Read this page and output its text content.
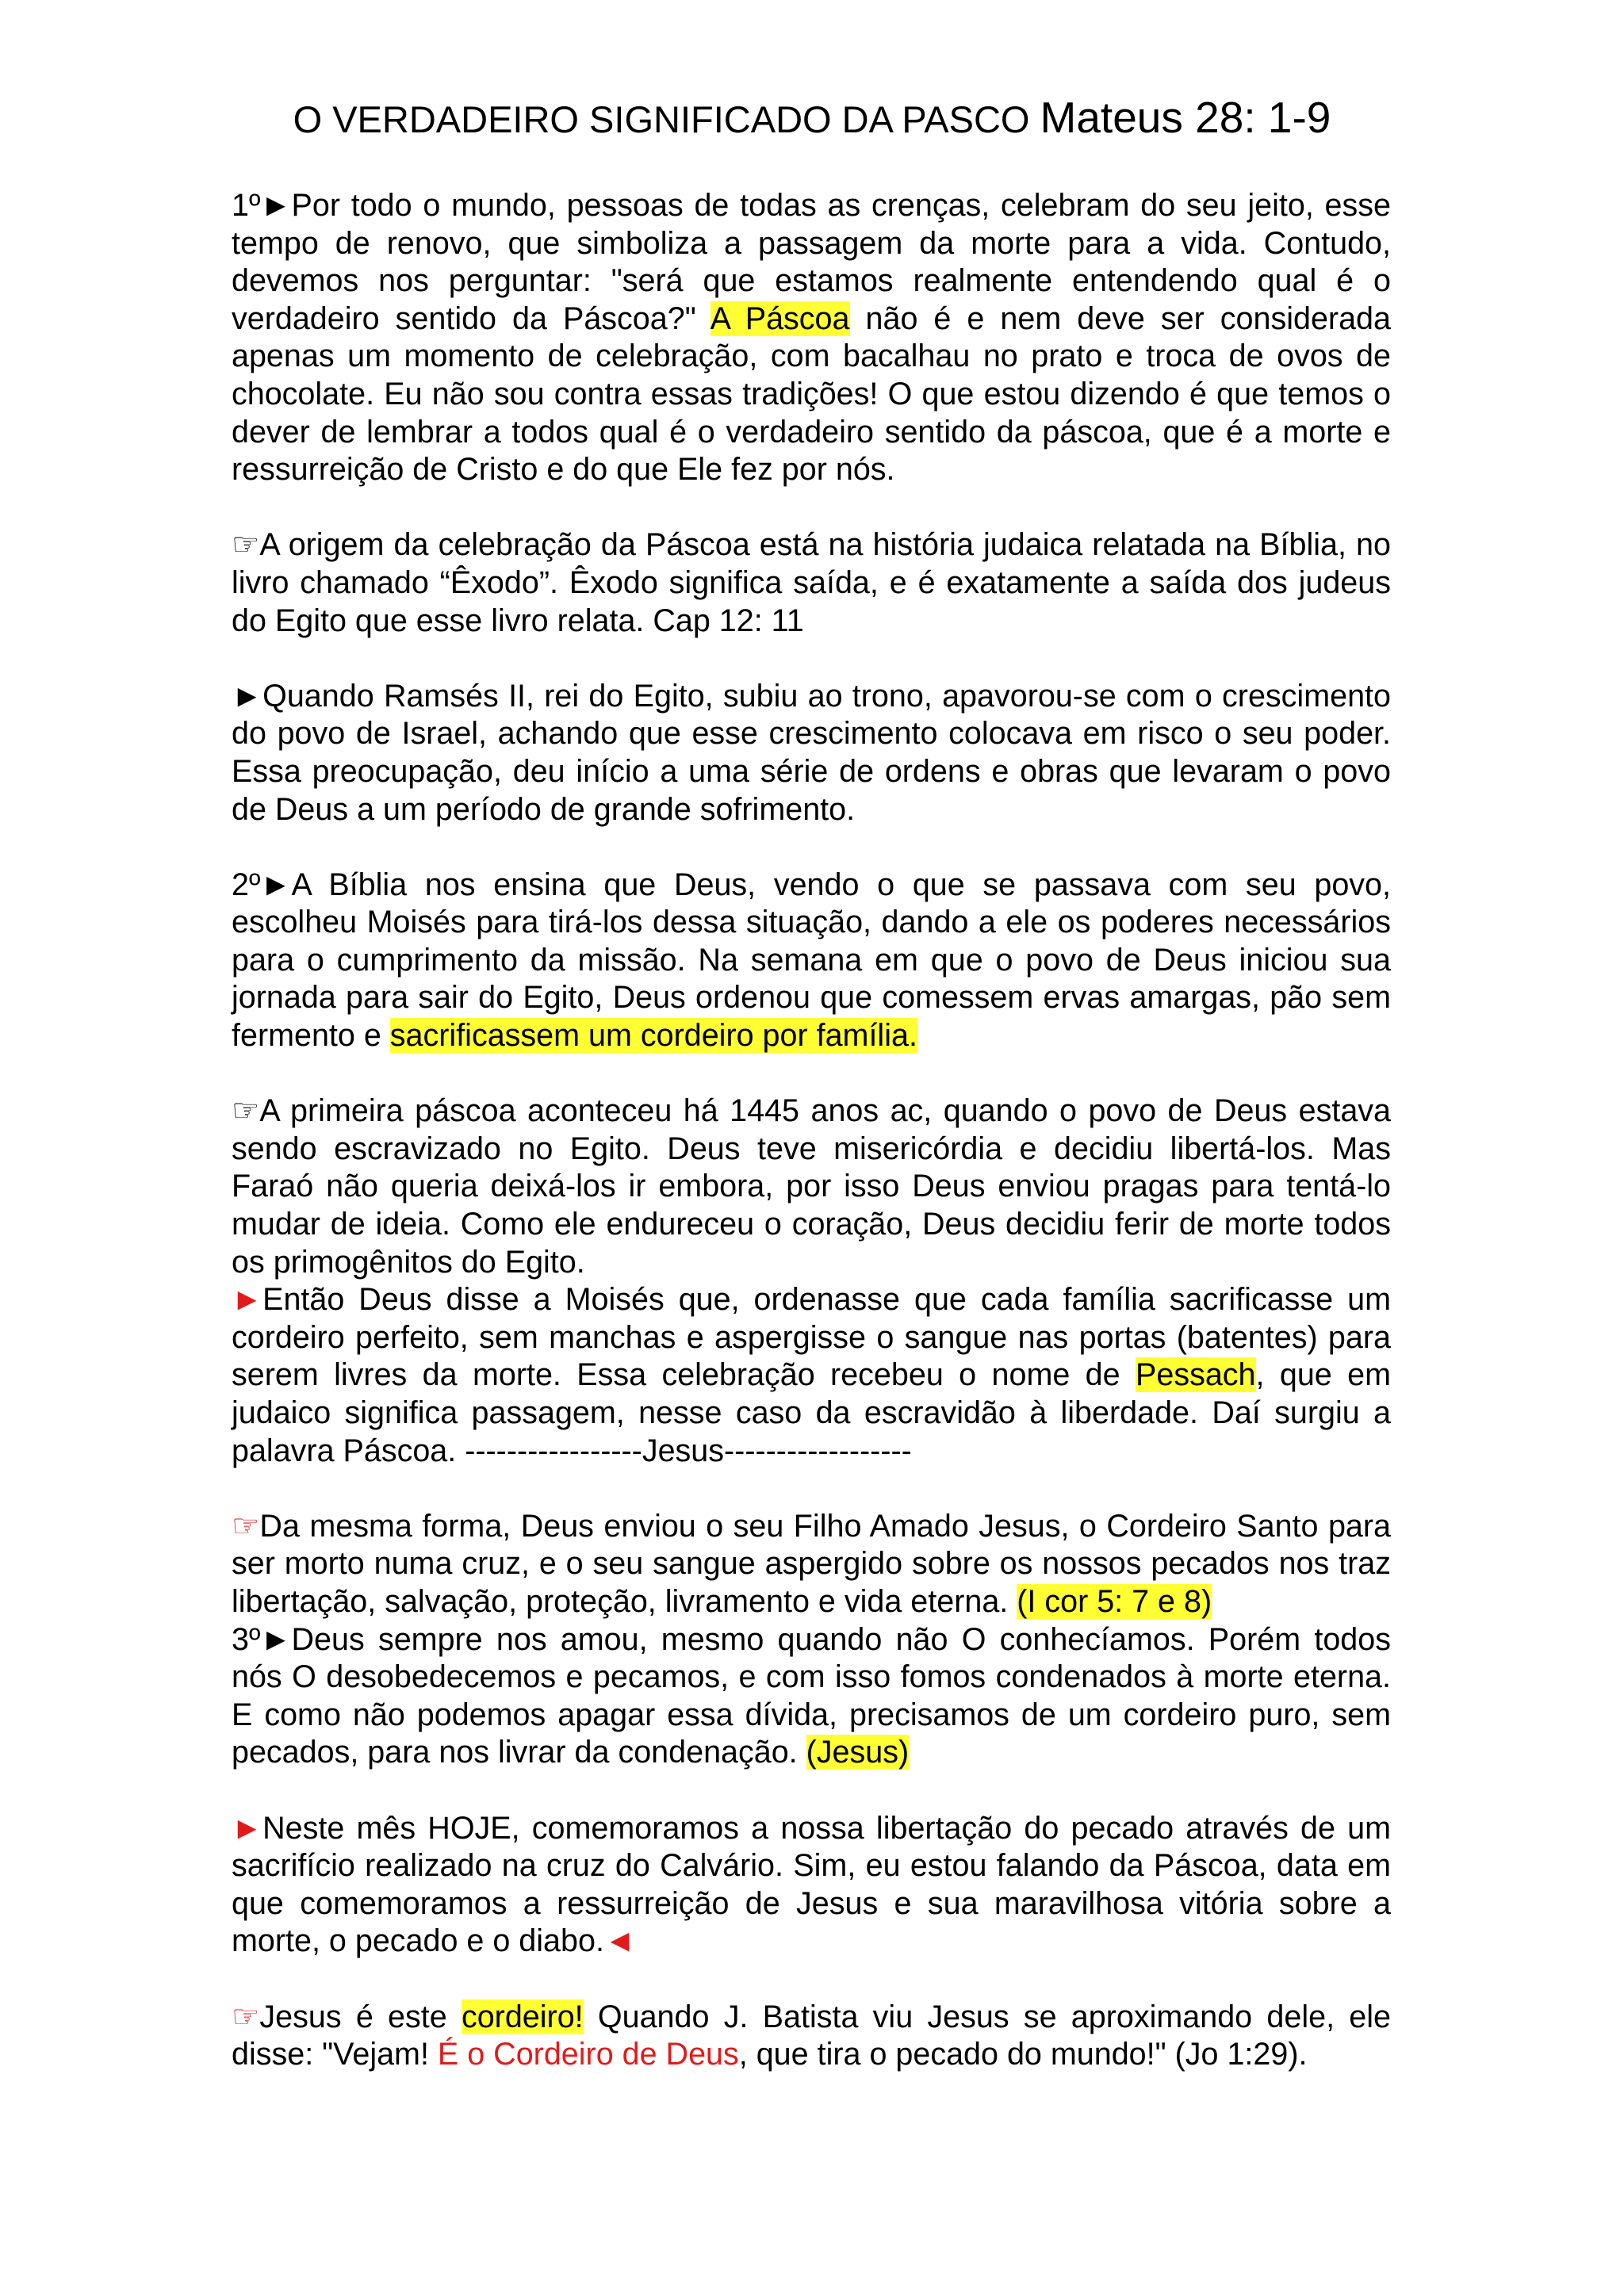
O VERDADEIRO SIGNIFICADO DA PASCO Mateus 28: 1-9

1º►Por todo o mundo, pessoas de todas as crenças, celebram do seu jeito, esse tempo de renovo, que simboliza a passagem da morte para a vida. Contudo, devemos nos perguntar: "será que estamos realmente entendendo qual é o verdadeiro sentido da Páscoa?" A Páscoa não é e nem deve ser considerada apenas um momento de celebração, com bacalhau no prato e troca de ovos de chocolate. Eu não sou contra essas tradições! O que estou dizendo é que temos o dever de lembrar a todos qual é o verdadeiro sentido da páscoa, que é a morte e ressurreição de Cristo e do que Ele fez por nós.

☞A origem da celebração da Páscoa está na história judaica relatada na Bíblia, no livro chamado “Êxodo”. Êxodo significa saída, e é exatamente a saída dos judeus do Egito que esse livro relata. Cap 12: 11

►Quando Ramsés II, rei do Egito, subiu ao trono, apavorou-se com o crescimento do povo de Israel, achando que esse crescimento colocava em risco o seu poder. Essa preocupação, deu início a uma série de ordens e obras que levaram o povo de Deus a um período de grande sofrimento.

2º►A Bíblia nos ensina que Deus, vendo o que se passava com seu povo, escolheu Moisés para tirá-los dessa situação, dando a ele os poderes necessários para o cumprimento da missão. Na semana em que o povo de Deus iniciou sua jornada para sair do Egito, Deus ordenou que comessem ervas amargas, pão sem fermento e sacrificassem um cordeiro por família.

☞A primeira páscoa aconteceu há 1445 anos ac, quando o povo de Deus estava sendo escravizado no Egito. Deus teve misericórdia e decidiu libertá-los. Mas Faraó não queria deixá-los ir embora, por isso Deus enviou pragas para tentá-lo mudar de ideia. Como ele endureceu o coração, Deus decidiu ferir de morte todos os primogênitos do Egito.

►Então Deus disse a Moisés que, ordenasse que cada família sacrificasse um cordeiro perfeito, sem manchas e aspergisse o sangue nas portas (batentes) para serem livres da morte. Essa celebração recebeu o nome de Pessach, que em judaico significa passagem, nesse caso da escravidão à liberdade. Daí surgiu a palavra Páscoa. -----------------Jesus------------------

☞Da mesma forma, Deus enviou o seu Filho Amado Jesus, o Cordeiro Santo para ser morto numa cruz, e o seu sangue aspergido sobre os nossos pecados nos traz libertação, salvação, proteção, livramento e vida eterna. (I cor 5: 7 e 8)

3º►Deus sempre nos amou, mesmo quando não O conhecíamos. Porém todos nós O desobedecemos e pecamos, e com isso fomos condenados à morte eterna. E como não podemos apagar essa dívida, precisamos de um cordeiro puro, sem pecados, para nos livrar da condenação. (Jesus)

►Neste mês HOJE, comemoramos a nossa libertação do pecado através de um sacrifício realizado na cruz do Calvário. Sim, eu estou falando da Páscoa, data em que comemoramos a ressurreição de Jesus e sua maravilhosa vitória sobre a morte, o pecado e o diabo.◄

☞Jesus é este cordeiro! Quando J. Batista viu Jesus se aproximando dele, ele disse: "Vejam! É o Cordeiro de Deus, que tira o pecado do mundo!" (Jo 1:29).
